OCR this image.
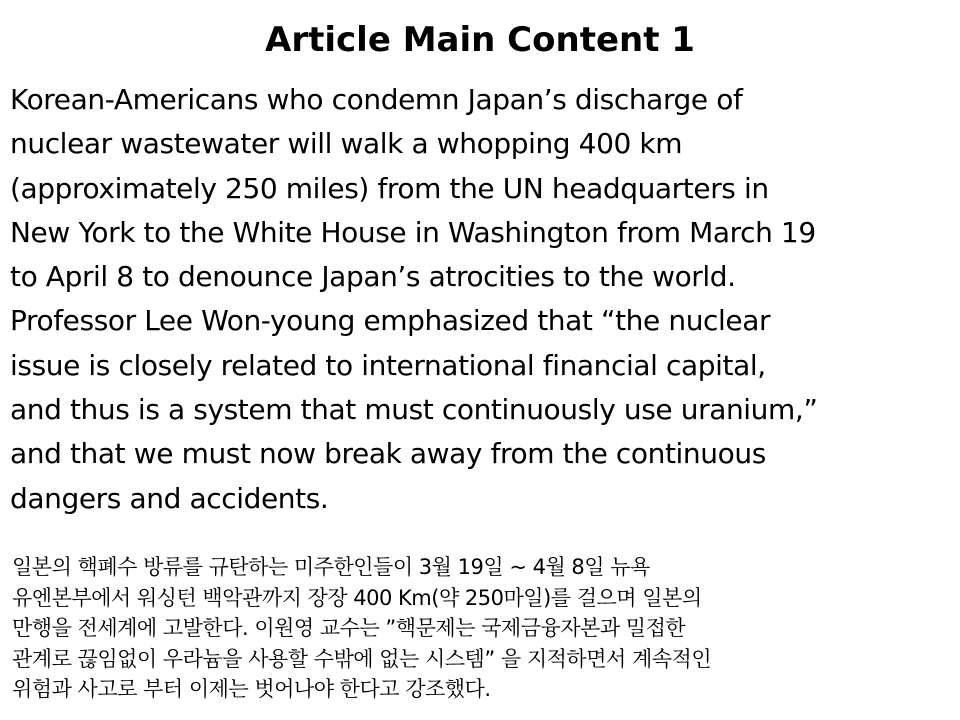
Article Main Content 1
Korean-Americans who condemn Japan’s discharge of
nuclear wastewater will walk a whopping 400 km
(approximately 250 miles) from the UN headquarters in
New York to the White House in Washington from March 19
to April 8 to denounce Japan’s atrocities to the world.
Professor Lee Won-young emphasized that “the nuclear
issue is closely related to international financial capital,
and thus is a system that must continuously use uranium,”
and that we must now break away from the continuous
dangers and accidents.
일본의 핵폐수 방류를 규탄하는 미주한인들이 3월 19일 ~ 4월 8일 뉴욕
유엔본부에서 워싱턴 백악관까지 장장 400 Km(약 250마일)를 걸으며 일본의
만행을 전세계에 고발한다. 이원영 교수는 ”핵문제는 국제금융자본과 밀접한
관계로 끊임없이 우라늄을 사용할 수밖에 없는 시스템” 을 지적하면서 계속적인
위험과 사고로 부터 이제는 벗어나야 한다고 강조했다.
